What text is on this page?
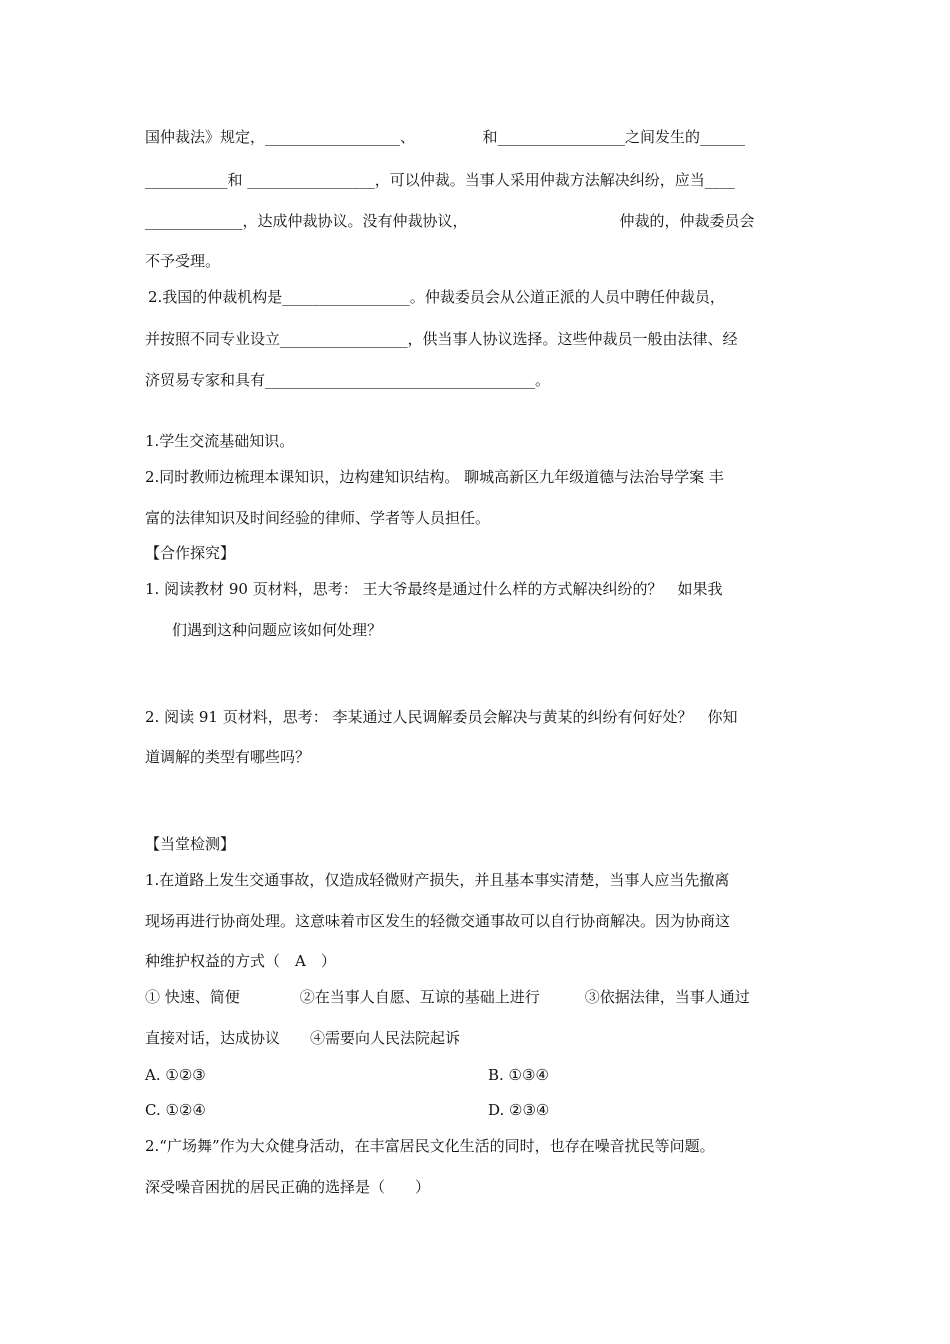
国仲裁法》规定，__________________、　　　　　和_________________之间发生的______
___________和 _________________，可以仲裁。当事人采用仲裁方法解决纠纷，应当____
_____________，达成仲裁协议。没有仲裁协议，	仲裁的，仲裁委员会
不予受理。
2.我国的仲裁机构是_________________。仲裁委员会从公道正派的人员中聘任仲裁员，
并按照不同专业设立_________________，供当事人协议选择。这些仲裁员一般由法律、经
济贸易专家和具有____________________________________。
1.学生交流基础知识。
2.同时教师边梳理本课知识，边构建知识结构。 聊城高新区九年级道德与法治导学案 丰
富的法律知识及时间经验的律师、学者等人员担任。
【合作探究】
1. 阅读教材 90 页材料，思考： 王大爷最终是通过什么样的方式解决纠纷的？　如果我
们遇到这种问题应该如何处理？
2. 阅读 91 页材料，思考： 李某通过人民调解委员会解决与黄某的纠纷有何好处？　你知
道调解的类型有哪些吗？
【当堂检测】
1.在道路上发生交通事故，仅造成轻微财产损失，并且基本事实清楚，当事人应当先撤离
现场再进行协商处理。这意味着市区发生的轻微交通事故可以自行协商解决。因为协商这
种维护权益的方式（　A　）
① 快速、简便　　　　②在当事人自愿、互谅的基础上进行　　　③依据法律，当事人通过
直接对话，达成协议　　④需要向人民法院起诉
A. ①②③	B. ①③④
C. ①②④	D. ②③④
2.“广场舞”作为大众健身活动，在丰富居民文化生活的同时，也存在噪音扰民等问题。
深受噪音困扰的居民正确的选择是（　　）
